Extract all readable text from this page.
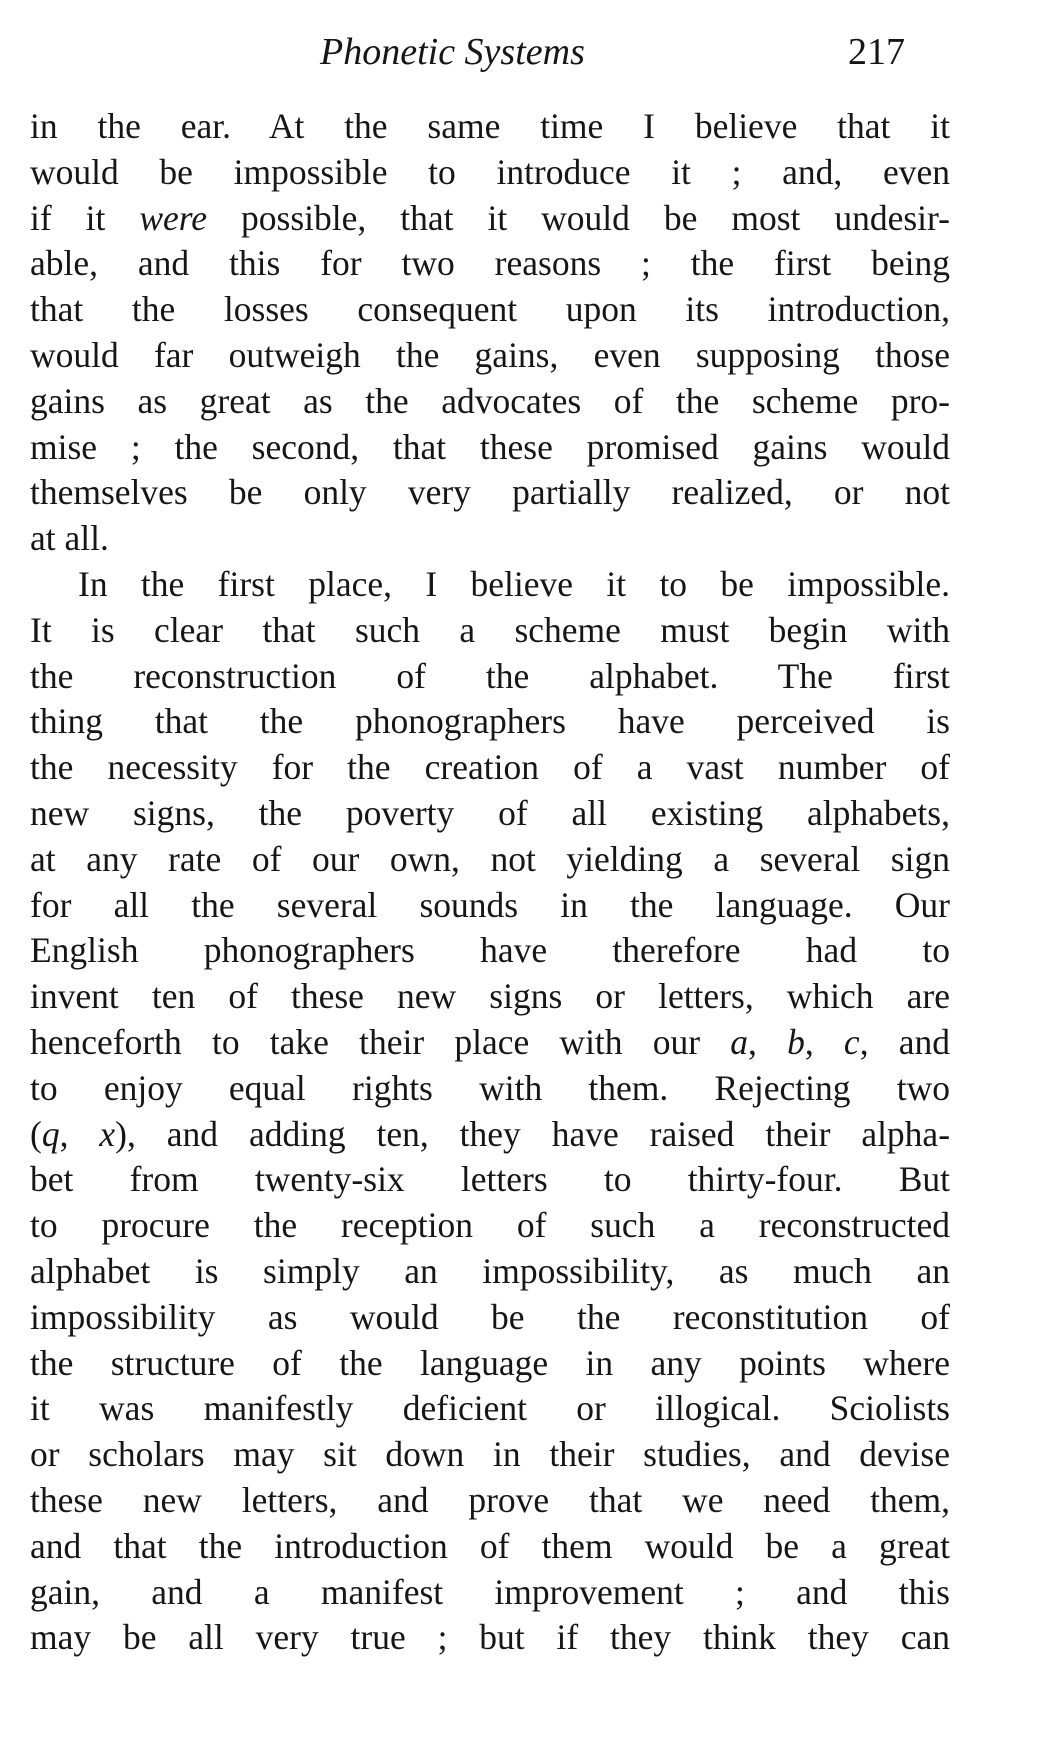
Phonetic Systems	217
in the ear. At the same time I believe that it
would be impossible to introduce it ; and, even
if it were possible, that it would be most undesir-
able, and this for two reasons ; the first being
that the losses consequent upon its introduction,
would far outweigh the gains, even supposing those
gains as great as the advocates of the scheme pro-
mise ; the second, that these promised gains would
themselves be only very partially realized, or not
at all.
In the first place, I believe it to be impossible.
It is clear that such a scheme must begin with
the reconstruction of the alphabet. The first
thing that the phonographers have perceived is
the necessity for the creation of a vast number of
new signs, the poverty of all existing alphabets,
at any rate of our own, not yielding a several sign
for all the several sounds in the language. Our
English phonographers have therefore had to
invent ten of these new signs or letters, which are
henceforth to take their place with our a, b, c, and
to enjoy equal rights with them. Rejecting two
(q, x), and adding ten, they have raised their alpha-
bet from twenty-six letters to thirty-four. But
to procure the reception of such a reconstructed
alphabet is simply an impossibility, as much an
impossibility as would be the reconstitution of
the structure of the language in any points where
it was manifestly deficient or illogical. Sciolists
or scholars may sit down in their studies, and devise
these new letters, and prove that we need them,
and that the introduction of them would be a great
gain, and a manifest improvement ; and this
may be all very true ; but if they think they can
